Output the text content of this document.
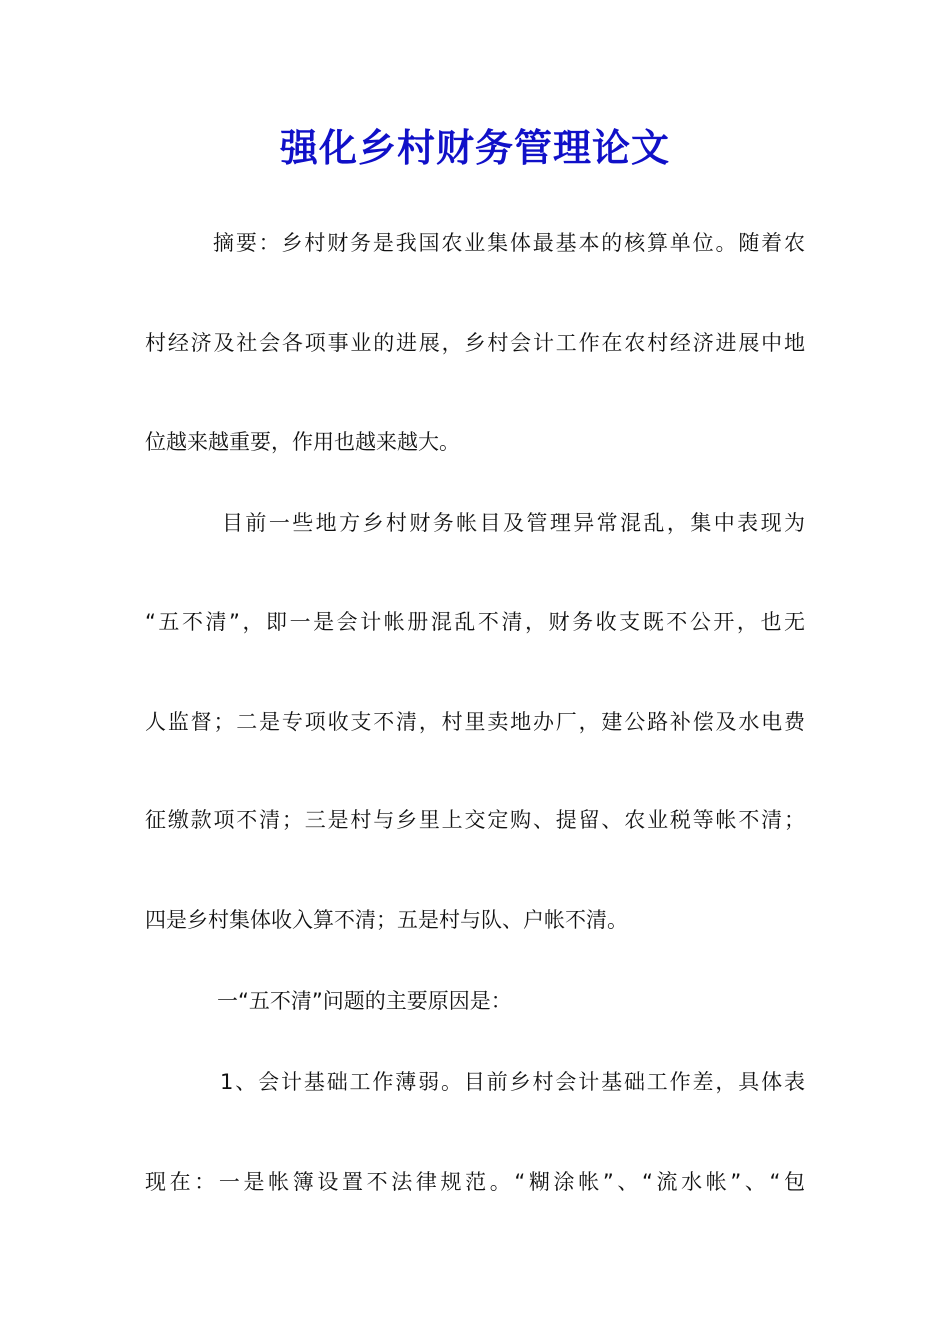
强化乡村财务管理论文
摘要：乡村财务是我国农业集体最基本的核算单位。随着农
村经济及社会各项事业的进展，乡村会计工作在农村经济进展中地
位越来越重要，作用也越来越大。
目前一些地方乡村财务帐目及管理异常混乱，集中表现为
“五不清”，即一是会计帐册混乱不清，财务收支既不公开，也无
人监督；二是专项收支不清，村里卖地办厂，建公路补偿及水电费
征缴款项不清；三是村与乡里上交定购、提留、农业税等帐不清；
四是乡村集体收入算不清；五是村与队、户帐不清。
一“五不清”问题的主要原因是：
1、会计基础工作薄弱。目前乡村会计基础工作差，具体表
现在：一是帐簿设置不法律规范。“糊涂帐”、“流水帐”、“包
